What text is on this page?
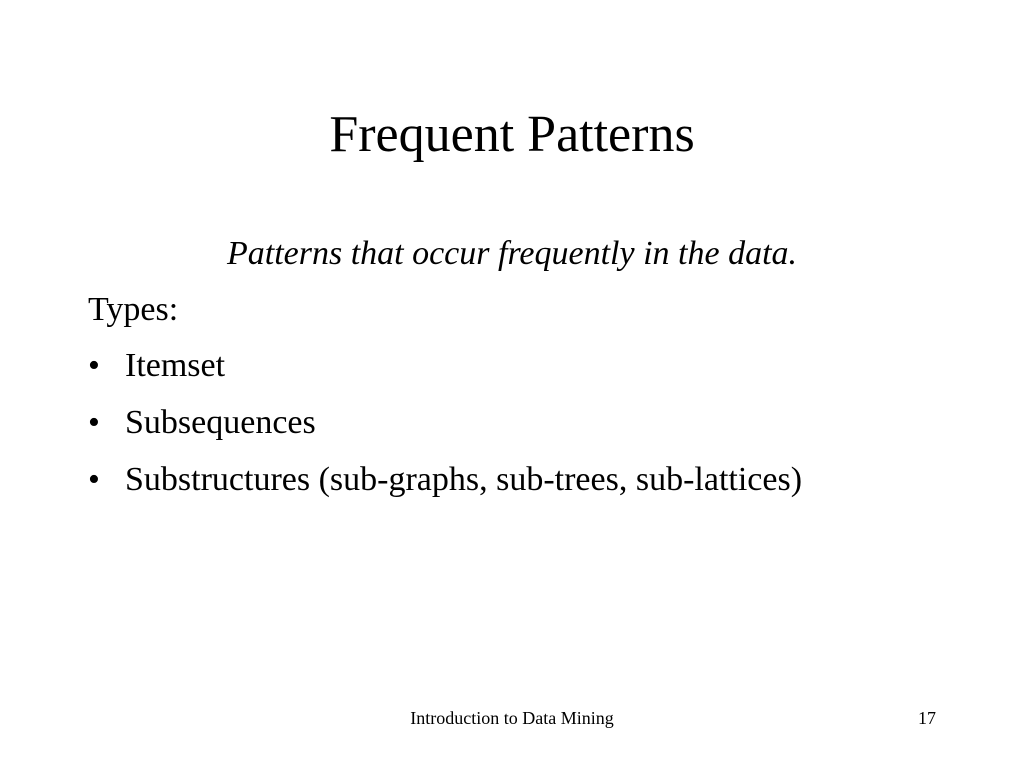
Frequent Patterns
Patterns that occur frequently in the data.
Types:
• Itemset
• Subsequences
• Substructures (sub-graphs, sub-trees, sub-lattices)
Introduction to Data Mining	17
